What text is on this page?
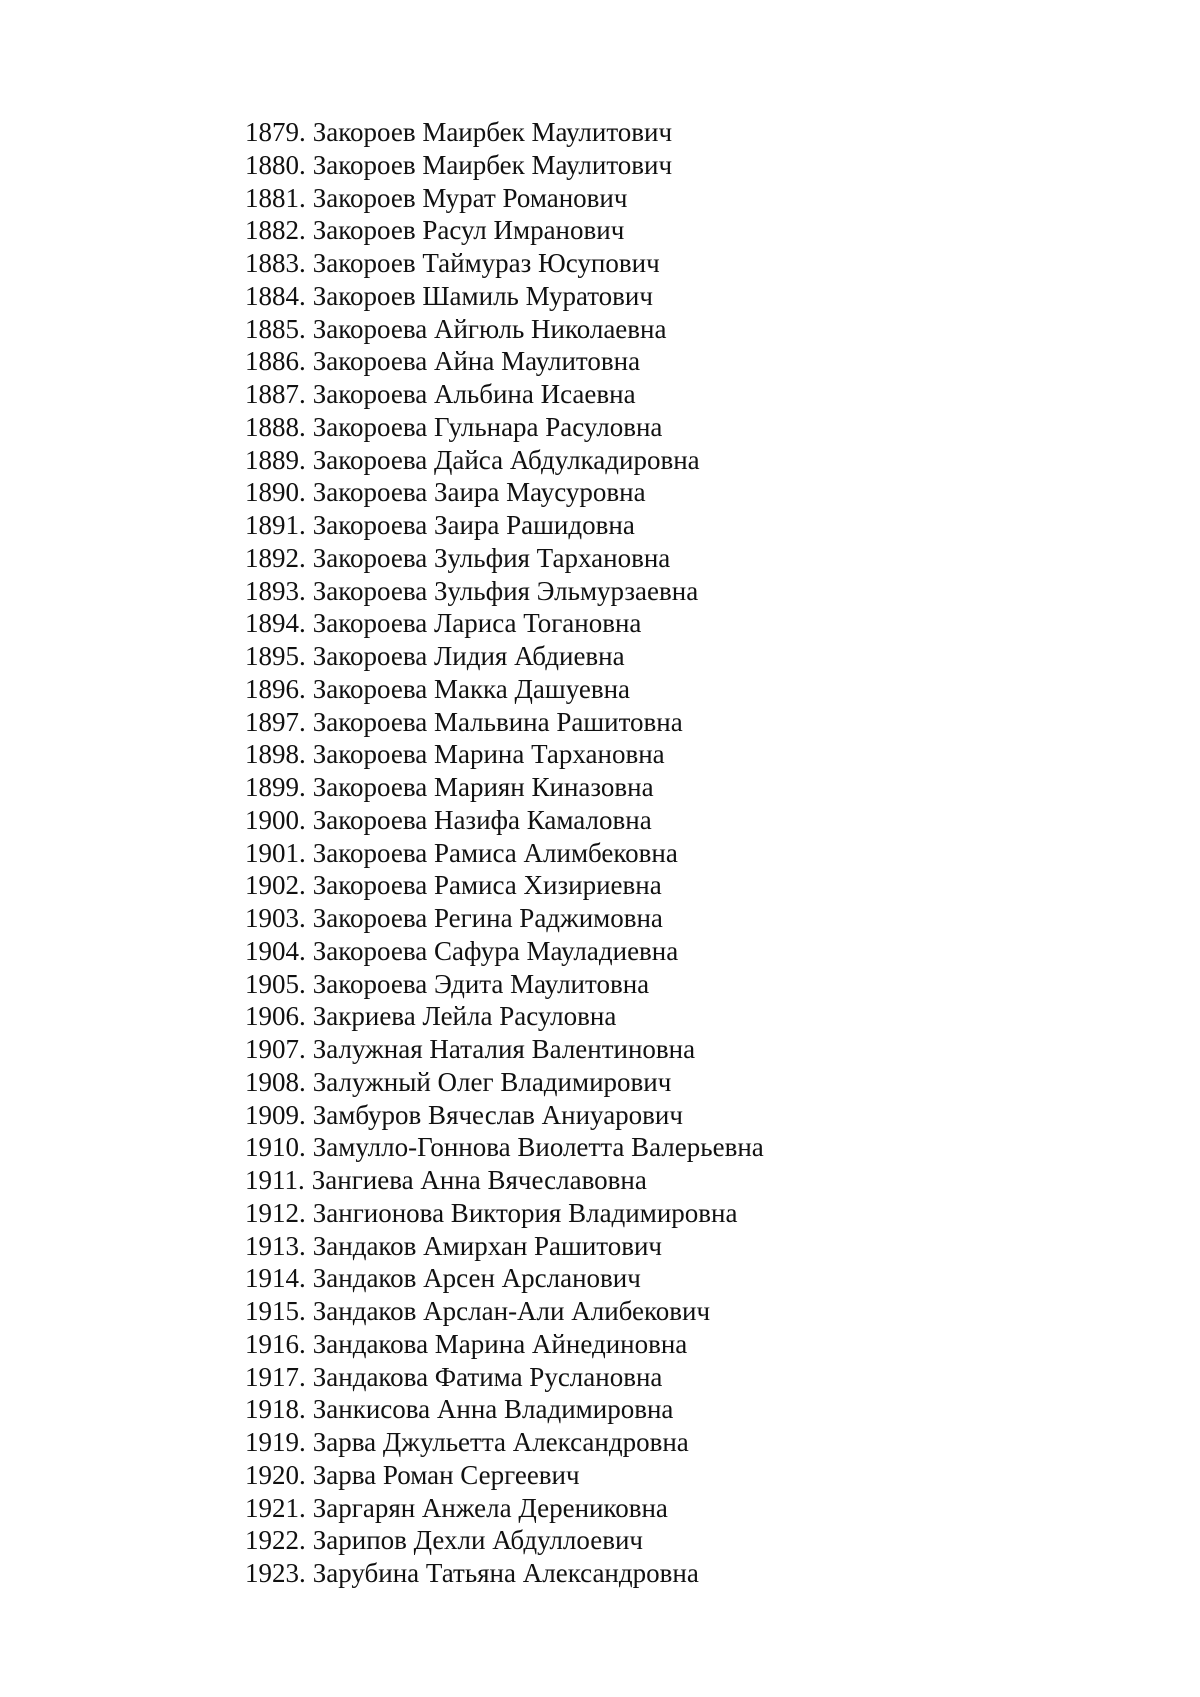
1879. Закороев Маирбек Маулитович
1880. Закороев Маирбек Маулитович
1881. Закороев Мурат Романович
1882. Закороев Расул Имранович
1883. Закороев Таймураз Юсупович
1884. Закороев Шамиль Муратович
1885. Закороева Айгюль Николаевна
1886. Закороева Айна Маулитовна
1887. Закороева Альбина Исаевна
1888. Закороева Гульнара Расуловна
1889. Закороева Дайса Абдулкадировна
1890. Закороева Заира Маусуровна
1891. Закороева Заира Рашидовна
1892. Закороева Зульфия Тархановна
1893. Закороева Зульфия Эльмурзаевна
1894. Закороева Лариса Тогановна
1895. Закороева Лидия Абдиевна
1896. Закороева Макка Дашуевна
1897. Закороева Мальвина Рашитовна
1898. Закороева Марина Тархановна
1899. Закороева Мариян Киназовна
1900. Закороева Назифа Камаловна
1901. Закороева Рамиса Алимбековна
1902. Закороева Рамиса Хизириевна
1903. Закороева Регина Раджимовна
1904. Закороева Сафура Мауладиевна
1905. Закороева Эдита Маулитовна
1906. Закриева Лейла Расуловна
1907. Залужная Наталия Валентиновна
1908. Залужный Олег Владимирович
1909. Замбуров Вячеслав Аниуарович
1910. Замулло-Гоннова Виолетта Валерьевна
1911. Зангиева Анна Вячеславовна
1912. Зангионова Виктория Владимировна
1913. Зандаков Амирхан Рашитович
1914. Зандаков Арсен Арсланович
1915. Зандаков Арслан-Али Алибекович
1916. Зандакова Марина Айнединовна
1917. Зандакова Фатима Руслановна
1918. Занкисова Анна Владимировна
1919. Зарва Джульетта Александровна
1920. Зарва Роман Сергеевич
1921. Заргарян Анжела Дерениковна
1922. Зарипов Дехли Абдуллоевич
1923. Зарубина Татьяна Александровна
